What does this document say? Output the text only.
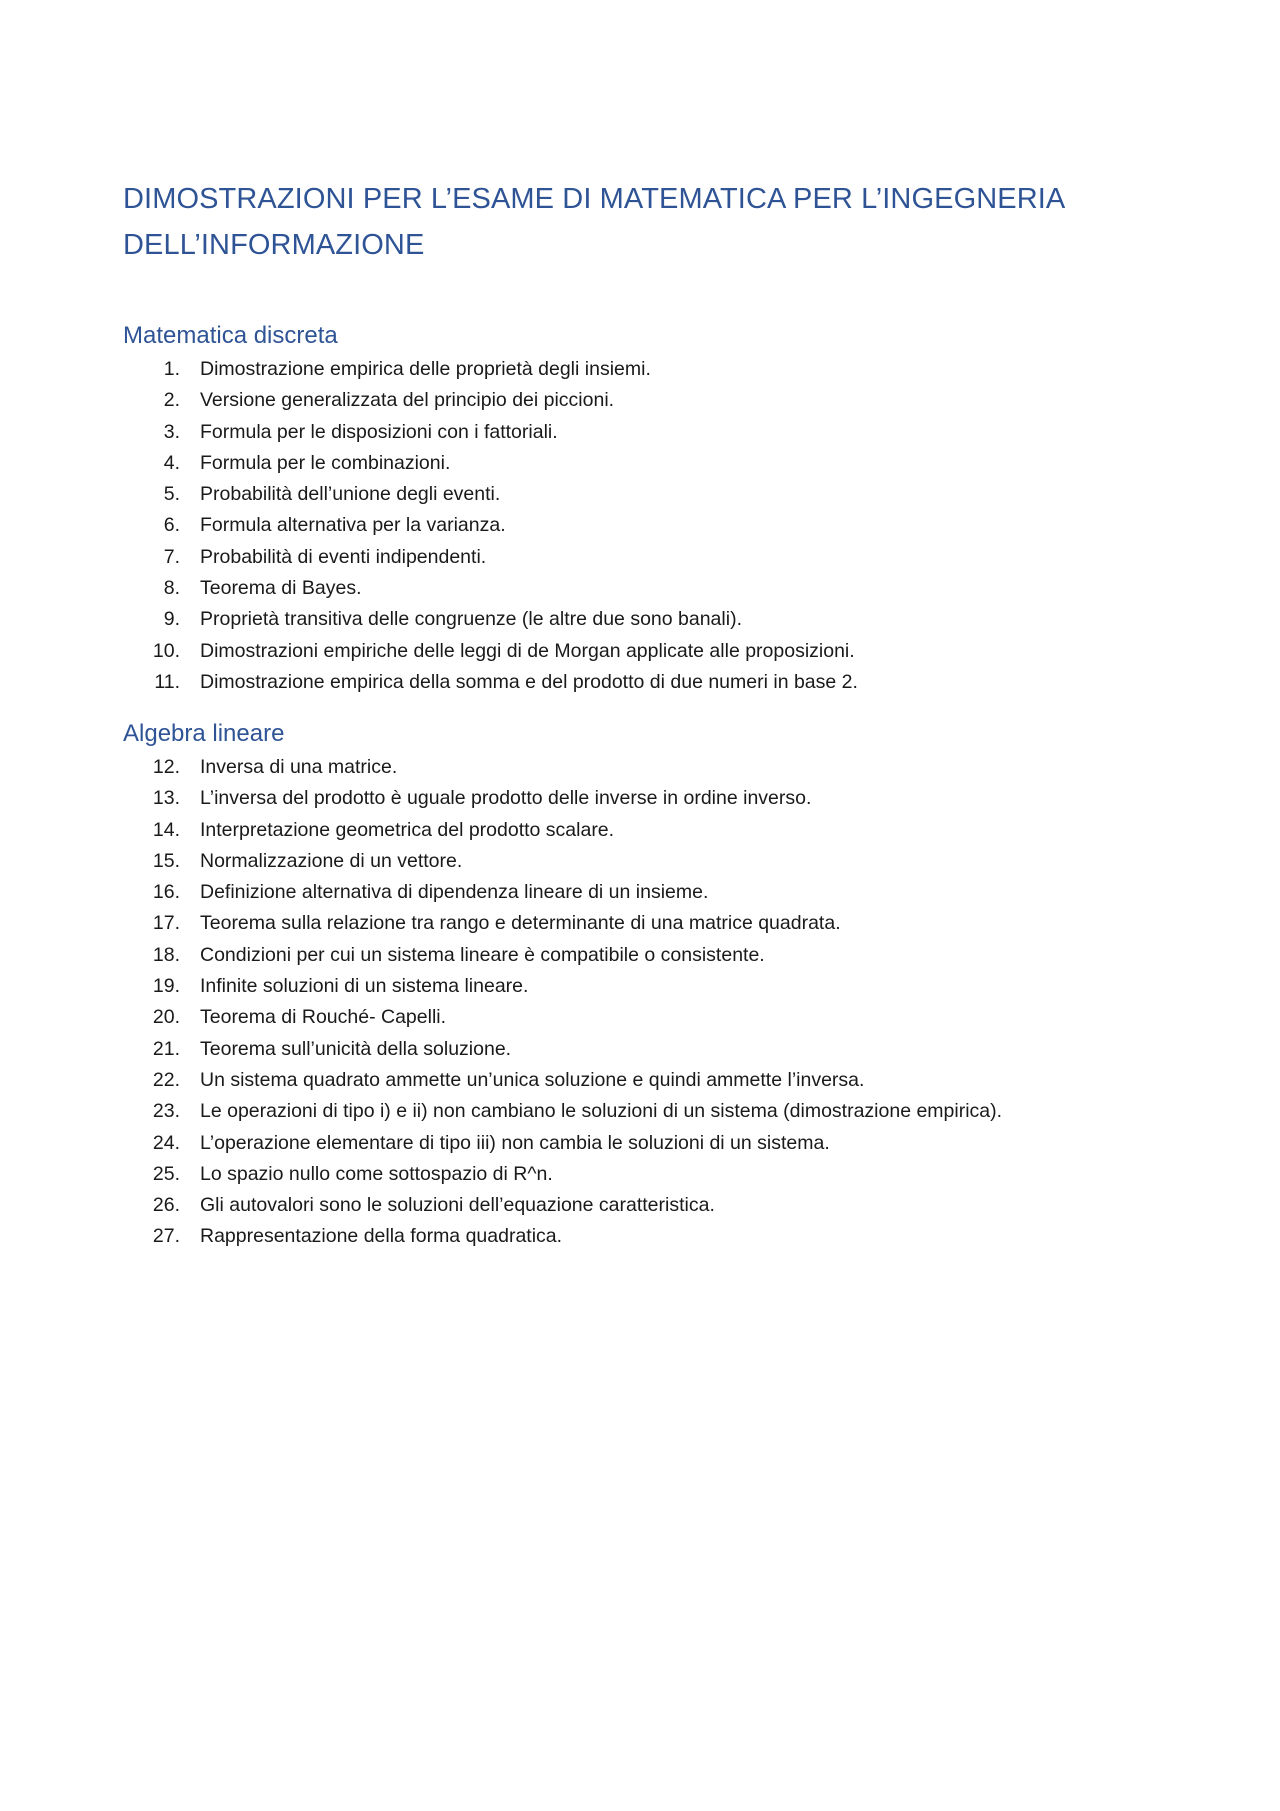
DIMOSTRAZIONI PER L’ESAME DI MATEMATICA PER L’INGEGNERIA DELL’INFORMAZIONE
Matematica discreta
1. Dimostrazione empirica delle proprietà degli insiemi.
2. Versione generalizzata del principio dei piccioni.
3. Formula per le disposizioni con i fattoriali.
4. Formula per le combinazioni.
5. Probabilità dell’unione degli eventi.
6. Formula alternativa per la varianza.
7. Probabilità di eventi indipendenti.
8. Teorema di Bayes.
9. Proprietà transitiva delle congruenze (le altre due sono banali).
10. Dimostrazioni empiriche delle leggi di de Morgan applicate alle proposizioni.
11. Dimostrazione empirica della somma e del prodotto di due numeri in base 2.
Algebra lineare
12. Inversa di una matrice.
13. L’inversa del prodotto è uguale prodotto delle inverse in ordine inverso.
14. Interpretazione geometrica del prodotto scalare.
15. Normalizzazione di un vettore.
16. Definizione alternativa di dipendenza lineare di un insieme.
17. Teorema sulla relazione tra rango e determinante di una matrice quadrata.
18. Condizioni per cui un sistema lineare è compatibile o consistente.
19. Infinite soluzioni di un sistema lineare.
20. Teorema di Rouché- Capelli.
21. Teorema sull’unicità della soluzione.
22. Un sistema quadrato ammette un’unica soluzione e quindi ammette l’inversa.
23. Le operazioni di tipo i) e ii) non cambiano le soluzioni di un sistema (dimostrazione empirica).
24. L’operazione elementare di tipo iii) non cambia le soluzioni di un sistema.
25. Lo spazio nullo come sottospazio di R^n.
26. Gli autovalori sono le soluzioni dell’equazione caratteristica.
27. Rappresentazione della forma quadratica.
